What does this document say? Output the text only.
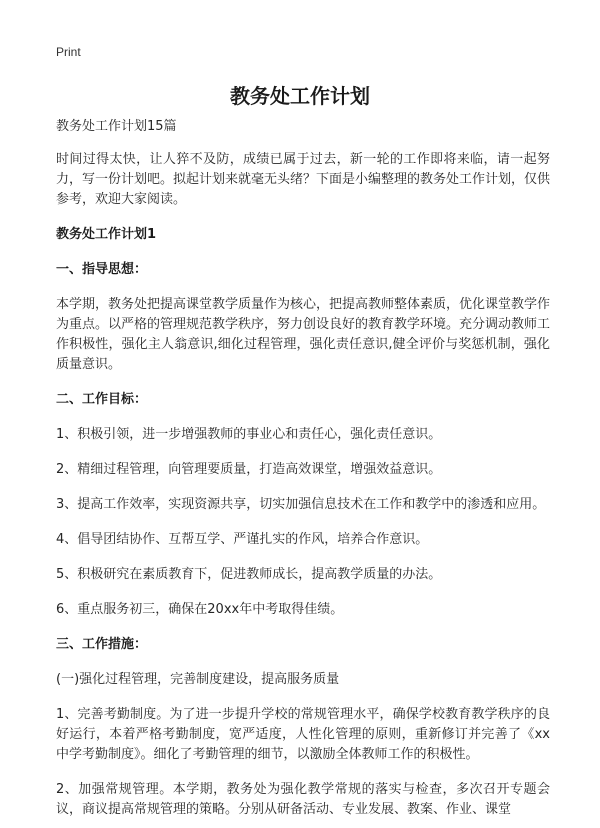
Print
教务处工作计划

教务处工作计划15篇

时间过得太快，让人猝不及防，成绩已属于过去，新一轮的工作即将来临，请一起努力，写一份计划吧。拟起计划来就毫无头绪？下面是小编整理的教务处工作计划，仅供参考，欢迎大家阅读。

教务处工作计划1

一、指导思想：

本学期，教务处把提高课堂教学质量作为核心，把提高教师整体素质，优化课堂教学作为重点。以严格的管理规范教学秩序，努力创设良好的教育教学环境。充分调动教师工作积极性，强化主人翁意识,细化过程管理，强化责任意识,健全评价与奖惩机制，强化质量意识。

二、工作目标：

1、积极引领，进一步增强教师的事业心和责任心，强化责任意识。

2、精细过程管理，向管理要质量，打造高效课堂，增强效益意识。

3、提高工作效率，实现资源共享，切实加强信息技术在工作和教学中的渗透和应用。

4、倡导团结协作、互帮互学、严谨扎实的作风，培养合作意识。

5、积极研究在素质教育下，促进教师成长，提高教学质量的办法。

6、重点服务初三，确保在20xx年中考取得佳绩。

三、工作措施：

(一)强化过程管理，完善制度建设，提高服务质量

1、完善考勤制度。为了进一步提升学校的常规管理水平，确保学校教育教学秩序的良好运行，本着严格考勤制度，宽严适度，人性化管理的原则，重新修订并完善了《xx中学考勤制度》。细化了考勤管理的细节，以激励全体教师工作的积极性。

2、加强常规管理。本学期，教务处为强化教学常规的落实与检查，多次召开专题会议，商议提高常规管理的策略。分别从研备活动、专业发展、教案、作业、课堂
